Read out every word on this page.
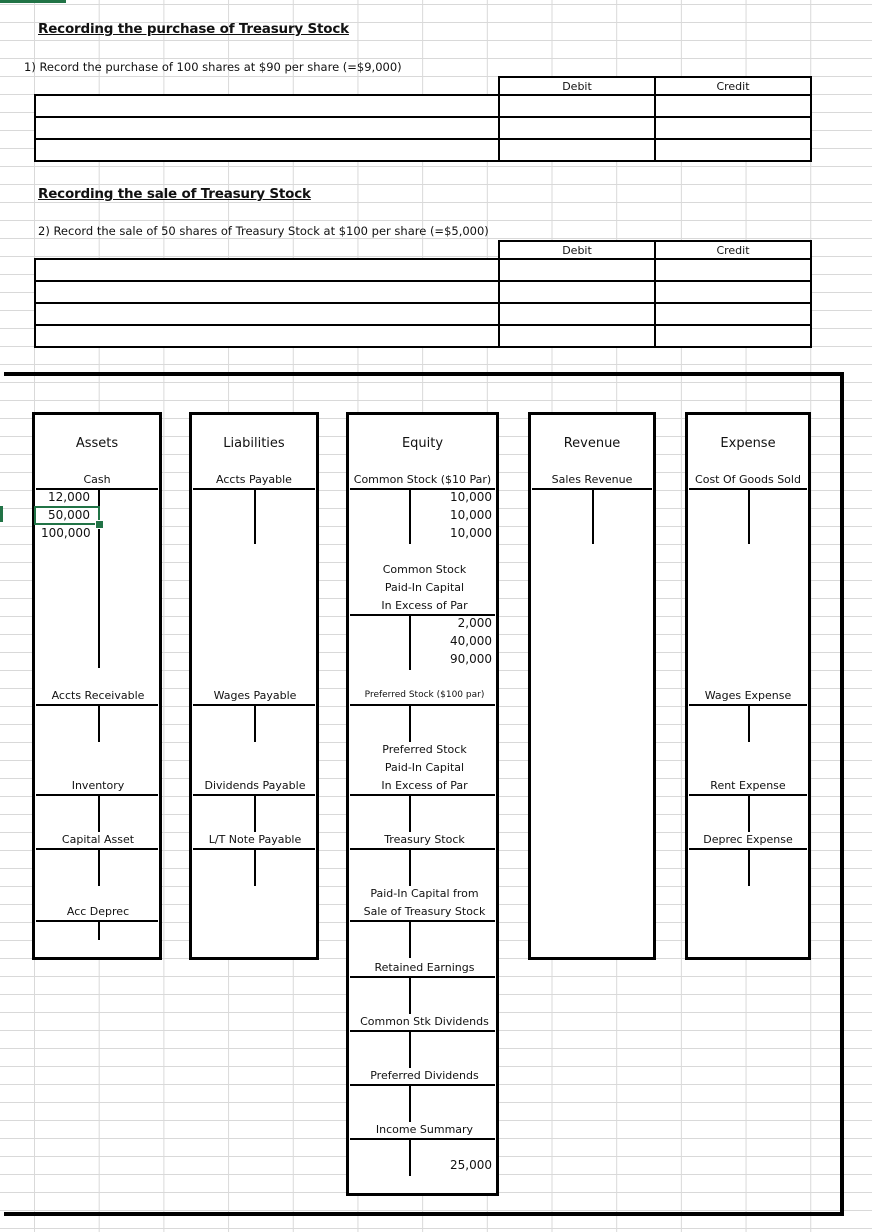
Recording the purchase of Treasury Stock
1) Record the purchase of 100 shares at $90 per share (=$9,000)
Debit	Credit

Recording the sale of Treasury Stock
2) Record the sale of 50 shares of Treasury Stock at $100 per share (=$5,000)
Debit	Credit

Assets
Cash
12,000
50,000
100,000
Accts Receivable
Inventory
Capital Asset
Acc Deprec
Liabilities
Accts Payable
Wages Payable
Dividends Payable
L/T Note Payable
Equity
Common Stock ($10 Par)
10,000
10,000
10,000
Common Stock
Paid-In Capital
In Excess of Par
2,000
40,000
90,000
Preferred Stock ($100 par)
Preferred Stock
Paid-In Capital
In Excess of Par
Treasury Stock
Paid-In Capital from
Sale of Treasury Stock
Retained Earnings
Common Stk Dividends
Preferred Dividends
Income Summary
25,000
Revenue
Sales Revenue
Expense
Cost Of Goods Sold
Wages Expense
Rent Expense
Deprec Expense
